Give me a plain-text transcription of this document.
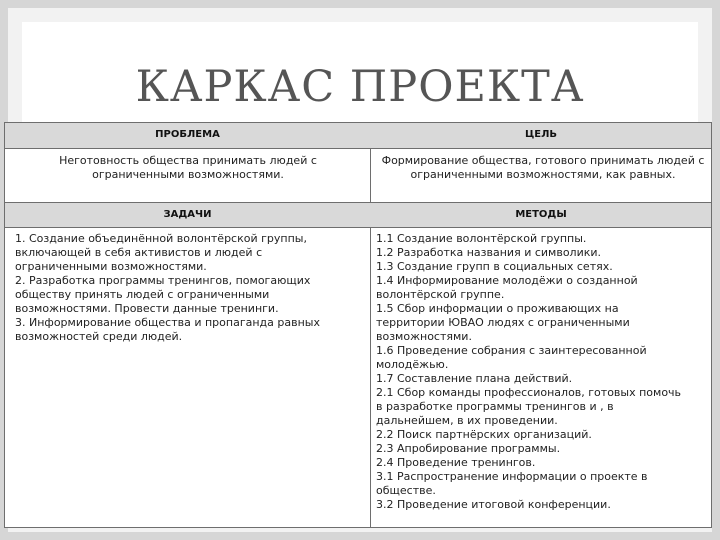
КАРКАС ПРОЕКТА
ПРОБЛЕМА	ЦЕЛЬ
Неготовность общества принимать людей с ограниченными возможностями.
Формирование общества, готового принимать людей с ограниченными возможностями, как равных.
ЗАДАЧИ	МЕТОДЫ
1. Создание объединённой волонтёрской группы,
включающей в себя активистов и людей с
ограниченными возможностями.
2. Разработка программы тренингов, помогающих
обществу принять людей с ограниченными
возможностями. Провести данные тренинги.
3. Информирование общества и пропаганда равных
возможностей среди людей.
1.1 Создание волонтёрской группы.
1.2 Разработка названия и символики.
1.3 Создание групп в социальных сетях.
1.4 Информирование молодёжи о созданной
волонтёрской группе.
1.5 Сбор информации о проживающих на
территории ЮВАО людях с ограниченными
возможностями.
1.6 Проведение собрания с заинтересованной
молодёжью.
1.7 Составление плана действий.
2.1 Сбор команды профессионалов, готовых помочь
в разработке программы тренингов и , в
дальнейшем, в их проведении.
2.2 Поиск партнёрских организаций.
2.3 Апробирование программы.
2.4 Проведение тренингов.
3.1 Распространение информации о проекте в
обществе.
3.2 Проведение итоговой конференции.
